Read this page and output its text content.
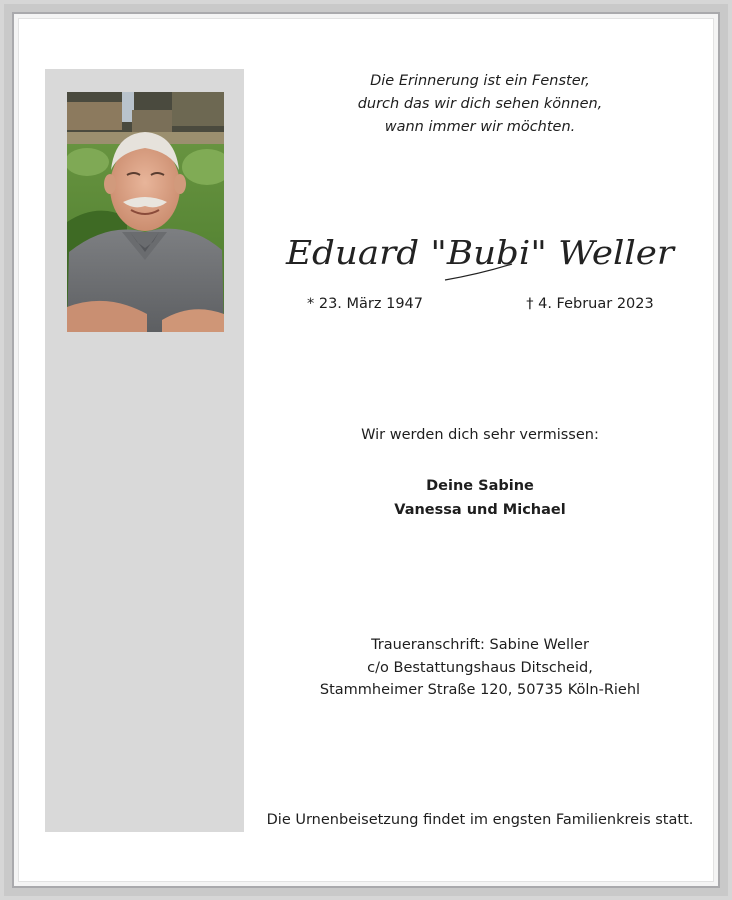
Die Erinnerung ist ein Fenster,
durch das wir dich sehen können,
wann immer wir möchten.
Eduard "Bubi" Weller
* 23. März 1947	† 4. Februar 2023
Wir werden dich sehr vermissen:
Deine Sabine
Vanessa und Michael
Traueranschrift: Sabine Weller
c/o Bestattungshaus Ditscheid,
Stammheimer Straße 120, 50735 Köln-Riehl
Die Urnenbeisetzung findet im engsten Familienkreis statt.
